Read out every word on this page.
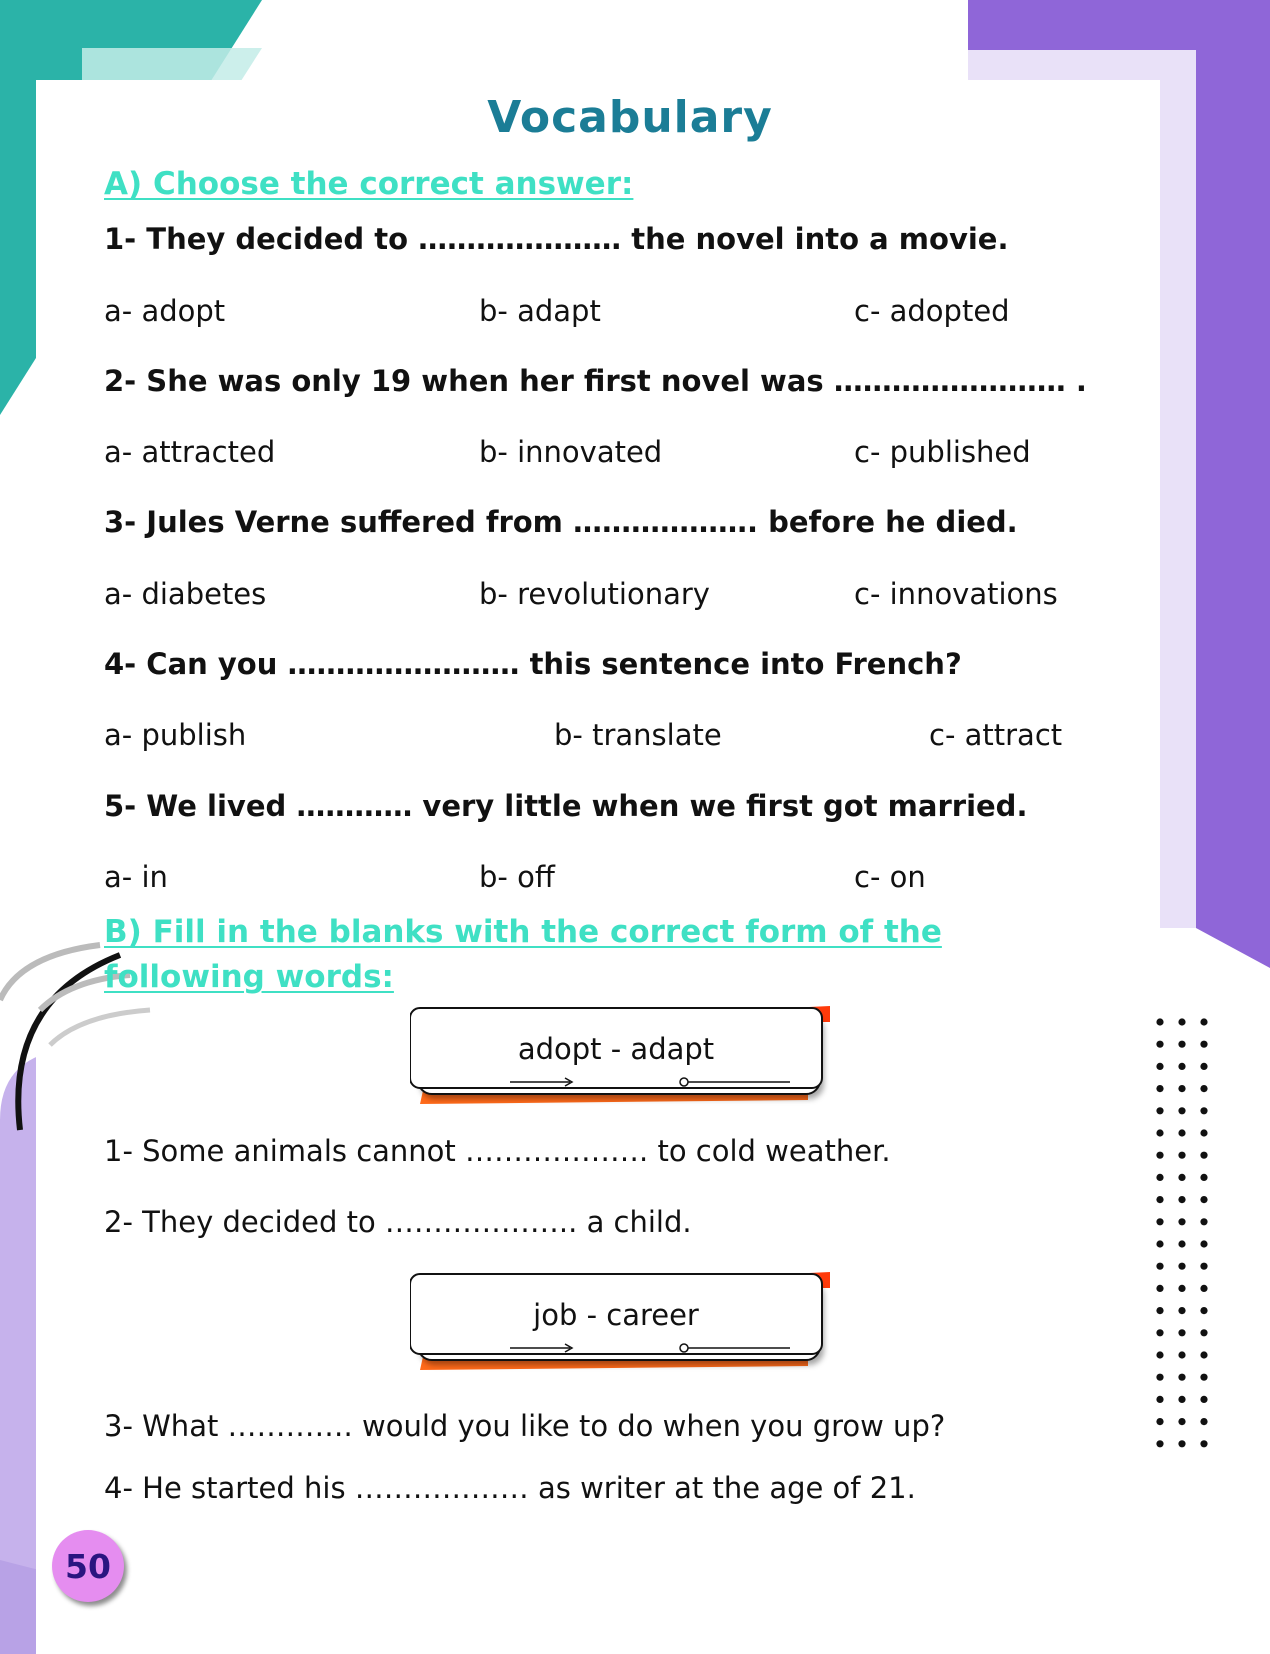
Vocabulary
A) Choose the correct answer:
1- They decided to ………………… the novel into a movie.
a- adopt	b- adapt	c- adopted
2- She was only 19 when her first novel was …………………… .
a- attracted	b- innovated	c- published
3- Jules Verne suffered from ………………. before he died.
a- diabetes	b- revolutionary	c- innovations
4- Can you …………………… this sentence into French?
a- publish	b- translate	c- attract
5- We lived ………… very little when we first got married.
a- in	b- off	c- on
B) Fill in the blanks with the correct form of the
following words:
adopt - adapt
1- Some animals cannot ………………. to cold weather.
2- They decided to ……………….. a child.
job - career
3- What …………. would you like to do when you grow up?
4- He started his ……………… as writer at the age of 21.
50
